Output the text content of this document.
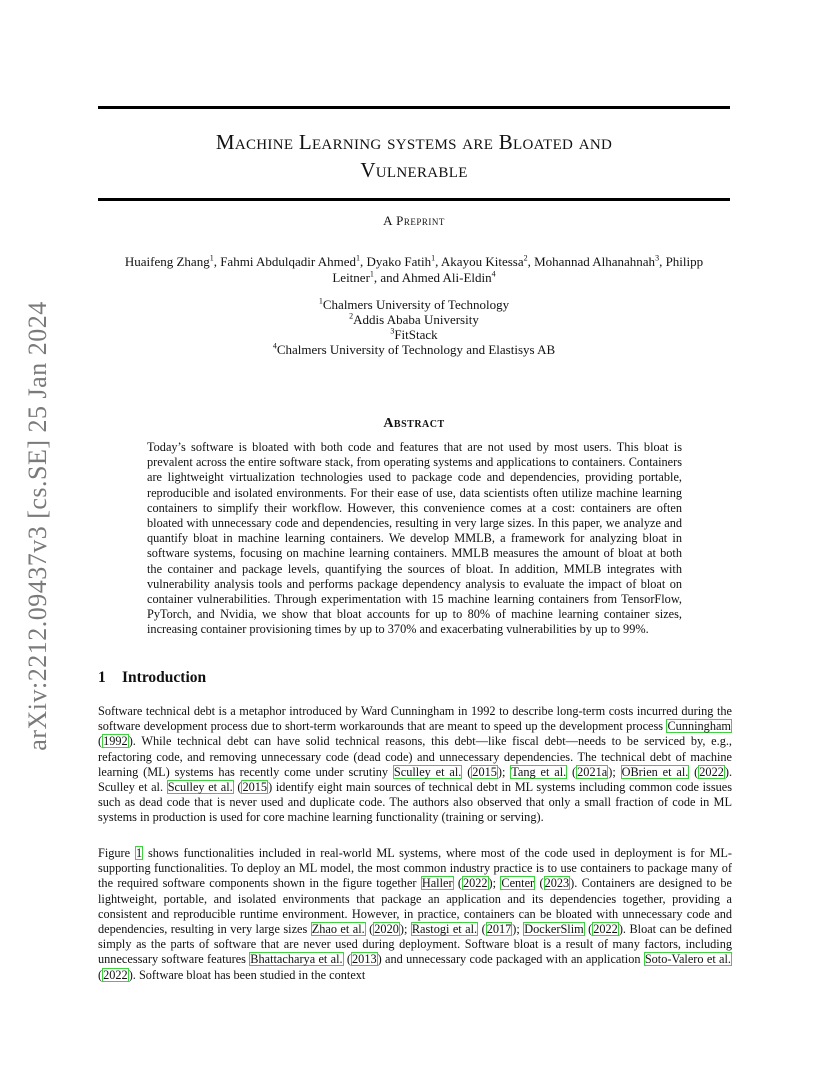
arXiv:2212.09437v3 [cs.SE] 25 Jan 2024
Machine Learning systems are Bloated and
Vulnerable
A Preprint
Huaifeng Zhang$^1$, Fahmi Abdulqadir Ahmed$^1$, Dyako Fatih$^1$, Akayou Kitessa$^2$, Mohannad Alhanahnah$^3$, Philipp
Leitner$^1$, and Ahmed Ali-Eldin$^4$
$^1$Chalmers University of Technology
$^2$Addis Ababa University
$^3$FitStack
$^4$Chalmers University of Technology and Elastisys AB
Abstract
Today’s software is bloated with both code and features that are not used by most users. This bloat is prevalent across the entire software stack, from operating systems and applications to containers. Containers are lightweight virtualization technologies used to package code and dependencies, providing portable, reproducible and isolated environments. For their ease of use, data scientists often utilize machine learning containers to simplify their workflow. However, this convenience comes at a cost: containers are often bloated with unnecessary code and dependencies, resulting in very large sizes. In this paper, we analyze and quantify bloat in machine learning containers. We develop MMLB, a framework for analyzing bloat in software systems, focusing on machine learning containers. MMLB measures the amount of bloat at both the container and package levels, quantifying the sources of bloat. In addition, MMLB integrates with vulnerability analysis tools and performs package dependency analysis to evaluate the impact of bloat on container vulnerabilities. Through experimentation with 15 machine learning containers from TensorFlow, PyTorch, and Nvidia, we show that bloat accounts for up to 80% of machine learning container sizes, increasing container provisioning times by up to 370% and exacerbating vulnerabilities by up to 99%.
1 Introduction
Software technical debt is a metaphor introduced by Ward Cunningham in 1992 to describe long-term costs incurred during the software development process due to short-term workarounds that are meant to speed up the development process Cunningham (1992). While technical debt can have solid technical reasons, this debt—like fiscal debt—needs to be serviced by, e.g., refactoring code, and removing unnecessary code (dead code) and unnecessary dependencies. The technical debt of machine learning (ML) systems has recently come under scrutiny Sculley et al. (2015); Tang et al. (2021a); OBrien et al. (2022). Sculley et al. Sculley et al. (2015) identify eight main sources of technical debt in ML systems including common code issues such as dead code that is never used and duplicate code. The authors also observed that only a small fraction of code in ML systems in production is used for core machine learning functionality (training or serving).
Figure 1 shows functionalities included in real-world ML systems, where most of the code used in deployment is for ML-supporting functionalities. To deploy an ML model, the most common industry practice is to use containers to package many of the required software components shown in the figure together Haller (2022); Center (2023). Containers are designed to be lightweight, portable, and isolated environments that package an application and its dependencies together, providing a consistent and reproducible runtime environment. However, in practice, containers can be bloated with unnecessary code and dependencies, resulting in very large sizes Zhao et al. (2020); Rastogi et al. (2017); DockerSlim (2022). Bloat can be defined simply as the parts of software that are never used during deployment. Software bloat is a result of many factors, including unnecessary software features Bhattacharya et al. (2013) and unnecessary code packaged with an application Soto-Valero et al. (2022). Software bloat has been studied in the context
